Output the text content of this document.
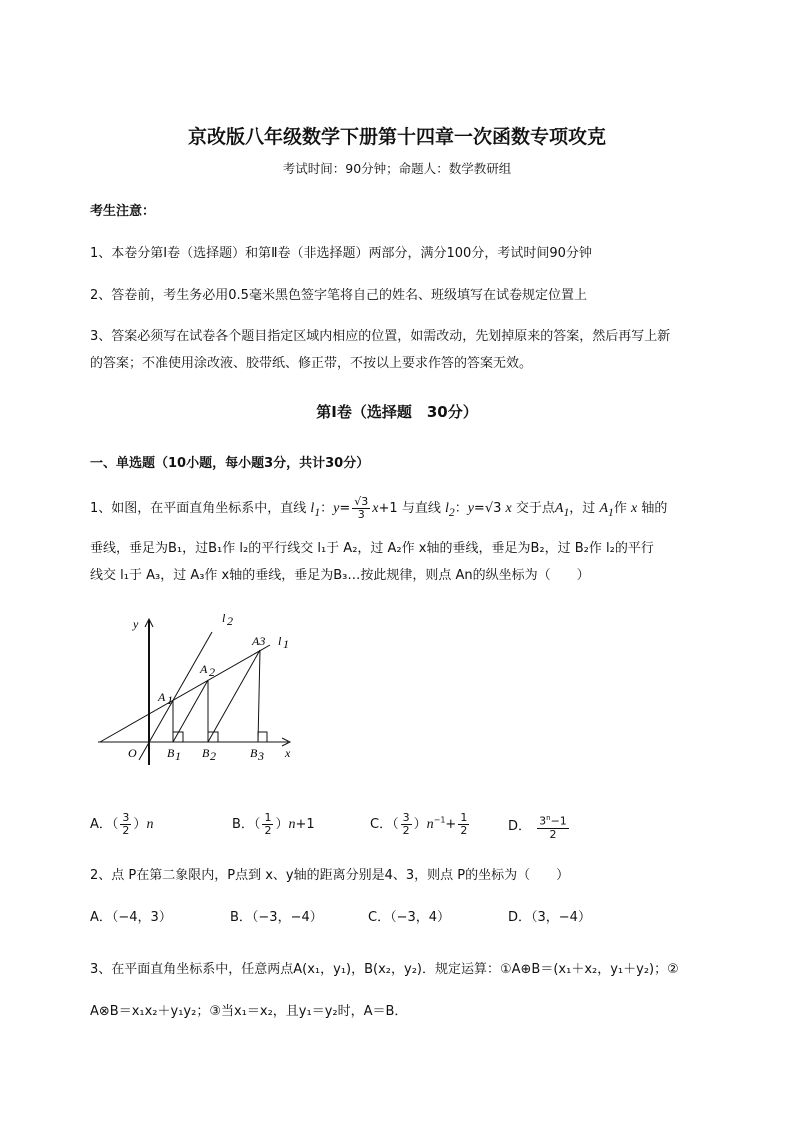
京改版八年级数学下册第十四章一次函数专项攻克
考试时间：90分钟；命题人：数学教研组
考生注意：
1、本卷分第Ⅰ卷（选择题）和第Ⅱ卷（非选择题）两部分，满分100分，考试时间90分钟
2、答卷前，考生务必用0.5毫米黑色签字笔将自己的姓名、班级填写在试卷规定位置上
3、答案必须写在试卷各个题目指定区域内相应的位置，如需改动，先划掉原来的答案，然后再写上新
的答案；不准使用涂改液、胶带纸、修正带，不按以上要求作答的答案无效。
第Ⅰ卷（选择题　30分）
一、单选题（10小题，每小题3分，共计30分）
1、如图，在平面直角坐标系中，直线 $l_1$：$y= \frac{√3}{3} x+1$ 与直线 $l_2$：y=√3 x 交于点$A_1$，过 $A_1$作 x 轴的
垂线，垂足为B₁，过B₁作 l₂的平行线交 l₁于 A₂，过 A₂作 x轴的垂线，垂足为B₂，过 B₂作 l₂的平行
线交 l₁于 A₃，过 A₃作 x轴的垂线，垂足为B₃…按此规律，则点 An的纵坐标为（　　）
y
x
O
l 2
l 1
A 1
A 2
A3
B 1 B 2	B 3
A．（ $\frac{3}{2} )n$	B．（ $\frac{1}{2} )n+1$	C．（ $\frac{3}{2} )n^{-1}+ \frac{1}{2}$	D． $\frac{3^n-1}{2}$
2、点 P在第二象限内，P点到 x、y轴的距离分别是4、3，则点 P的坐标为（　　）
A．（−4，3）	B．（−3，−4）	C．（−3，4）	D．（3，−4）
3、在平面直角坐标系中，任意两点A(x₁，y₁)，B(x₂，y₂)．规定运算：①A⊕B＝(x₁＋x₂，y₁＋y₂)；②
A⊗B＝x₁x₂＋y₁y₂；③当x₁＝x₂，且y₁＝y₂时，A＝B．
